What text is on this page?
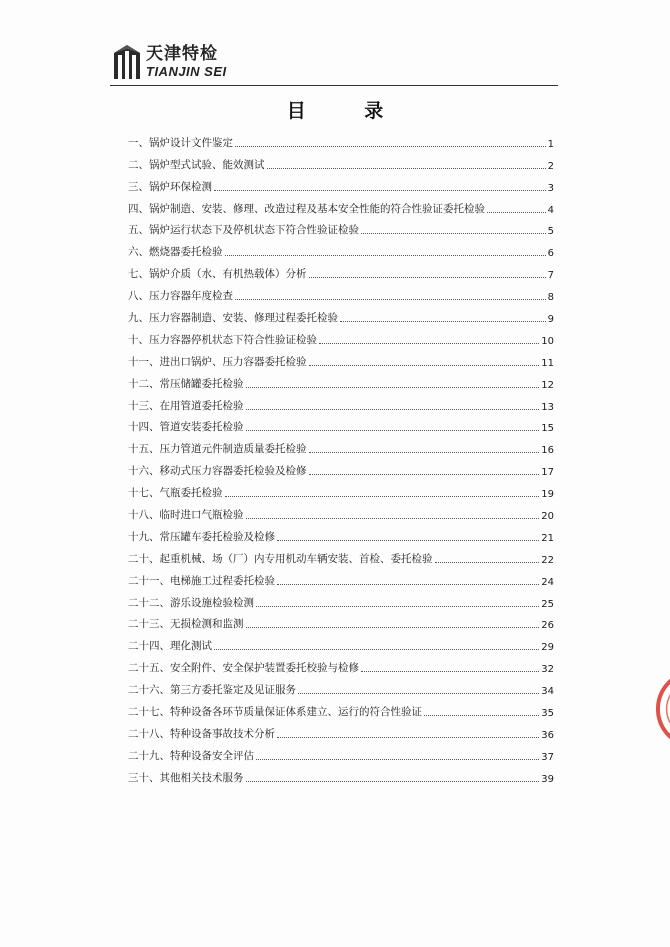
天津特检
TIANJIN SEI
目 录
一、锅炉设计文件鉴定	1
二、锅炉型式试验、能效测试	2
三、锅炉环保检测	3
四、锅炉制造、安装、修理、改造过程及基本安全性能的符合性验证委托检验	4
五、锅炉运行状态下及停机状态下符合性验证检验	5
六、燃烧器委托检验	6
七、锅炉介质（水、有机热载体）分析	7
八、压力容器年度检查	8
九、压力容器制造、安装、修理过程委托检验	9
十、压力容器停机状态下符合性验证检验	10
十一、进出口锅炉、压力容器委托检验	11
十二、常压储罐委托检验	12
十三、在用管道委托检验	13
十四、管道安装委托检验	15
十五、压力管道元件制造质量委托检验	16
十六、移动式压力容器委托检验及检修	17
十七、气瓶委托检验	19
十八、临时进口气瓶检验	20
十九、常压罐车委托检验及检修	21
二十、起重机械、场（厂）内专用机动车辆安装、首检、委托检验	22
二十一、电梯施工过程委托检验	24
二十二、游乐设施检验检测	25
二十三、无损检测和监测	26
二十四、理化测试	29
二十五、安全附件、安全保护装置委托校验与检修	32
二十六、第三方委托鉴定及见证服务	34
二十七、特种设备各环节质量保证体系建立、运行的符合性验证	35
二十八、特种设备事故技术分析	36
二十九、特种设备安全评估	37
三十、其他相关技术服务	39
